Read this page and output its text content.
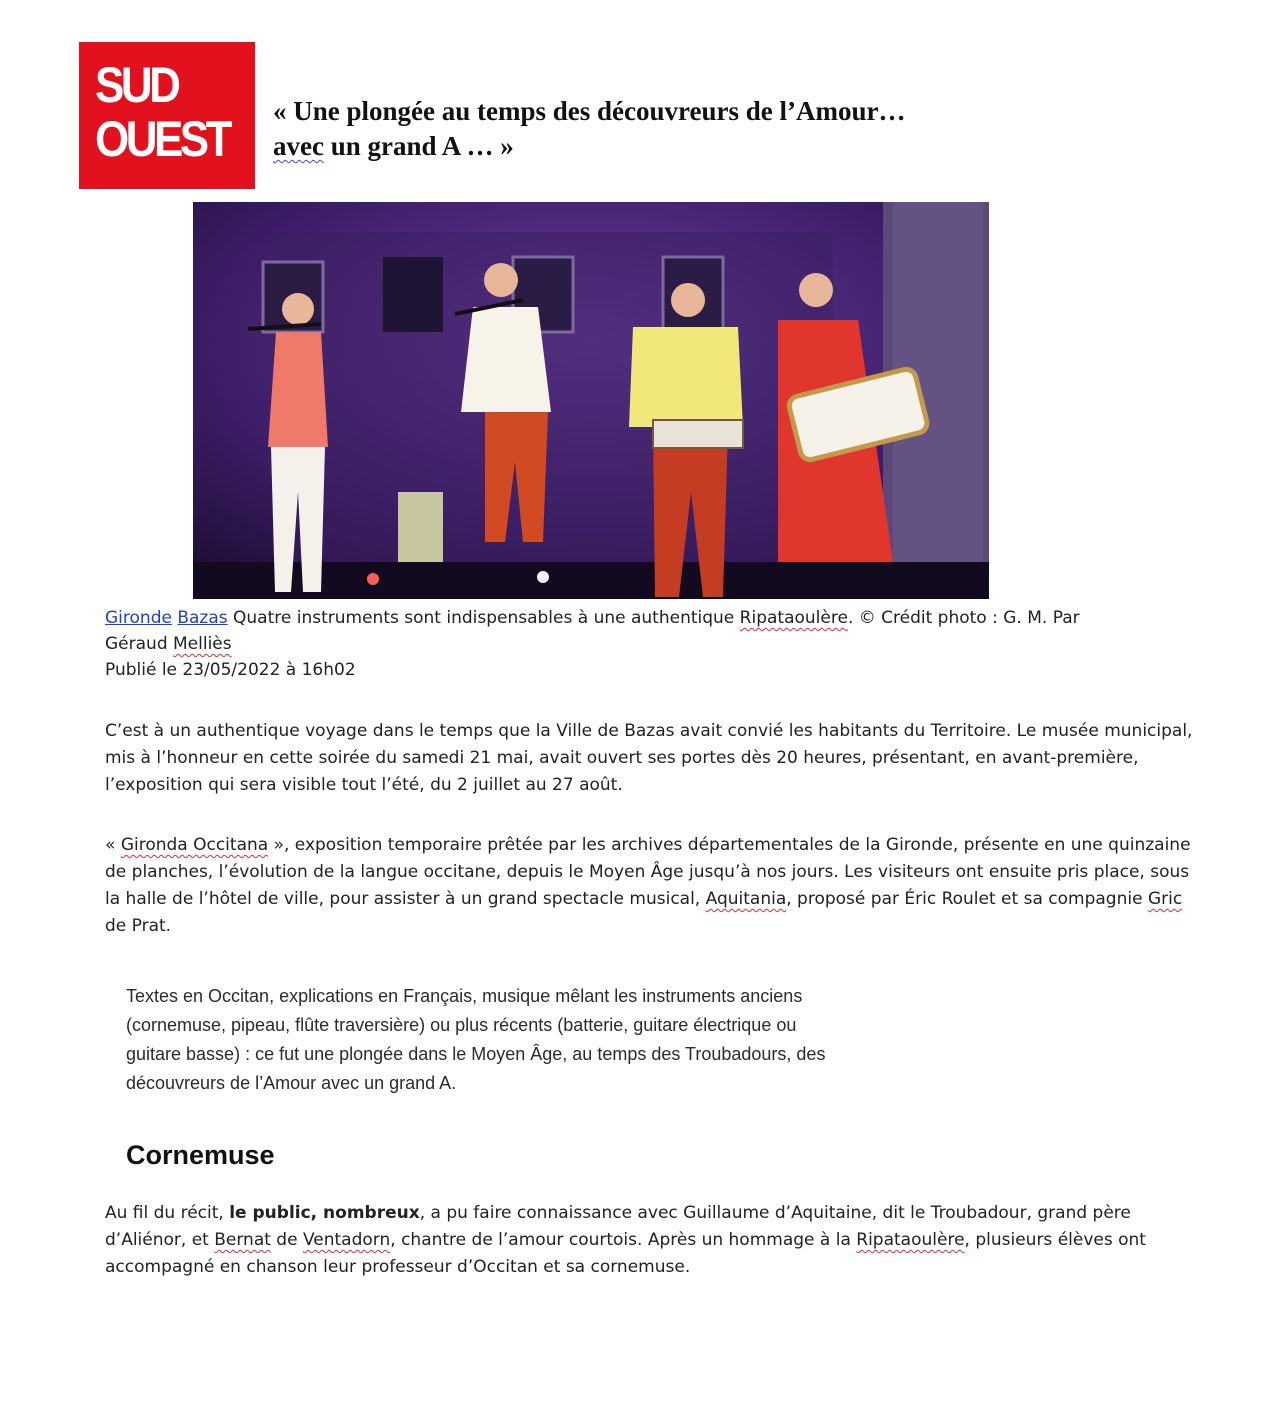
SUD
OUEST « Une plongée au temps des découvreurs de l’Amour…
avec un grand A … »
Gironde Bazas Quatre instruments sont indispensables à une authentique Ripataoulère. © Crédit photo : G. M. Par
Géraud Melliès
Publié le 23/05/2022 à 16h02

C’est à un authentique voyage dans le temps que la Ville de Bazas avait convié les habitants du Territoire. Le musée municipal, mis à l’honneur en cette soirée du samedi 21 mai, avait ouvert ses portes dès 20 heures, présentant, en avant-première, l’exposition qui sera visible tout l’été, du 2 juillet au 27 août.

« Gironda Occitana », exposition temporaire prêtée par les archives départementales de la Gironde, présente en une quinzaine de planches, l’évolution de la langue occitane, depuis le Moyen Âge jusqu’à nos jours. Les visiteurs ont ensuite pris place, sous la halle de l’hôtel de ville, pour assister à un grand spectacle musical, Aquitania, proposé par Éric Roulet et sa compagnie Gric de Prat.

Textes en Occitan, explications en Français, musique mêlant les instruments anciens (cornemuse, pipeau, flûte traversière) ou plus récents (batterie, guitare électrique ou guitare basse) : ce fut une plongée dans le Moyen Âge, au temps des Troubadours, des découvreurs de l’Amour avec un grand A.

Cornemuse

Au fil du récit, le public, nombreux, a pu faire connaissance avec Guillaume d’Aquitaine, dit le Troubadour, grand père d’Aliénor, et Bernat de Ventadorn, chantre de l’amour courtois. Après un hommage à la Ripataoulère, plusieurs élèves ont accompagné en chanson leur professeur d’Occitan et sa cornemuse.
